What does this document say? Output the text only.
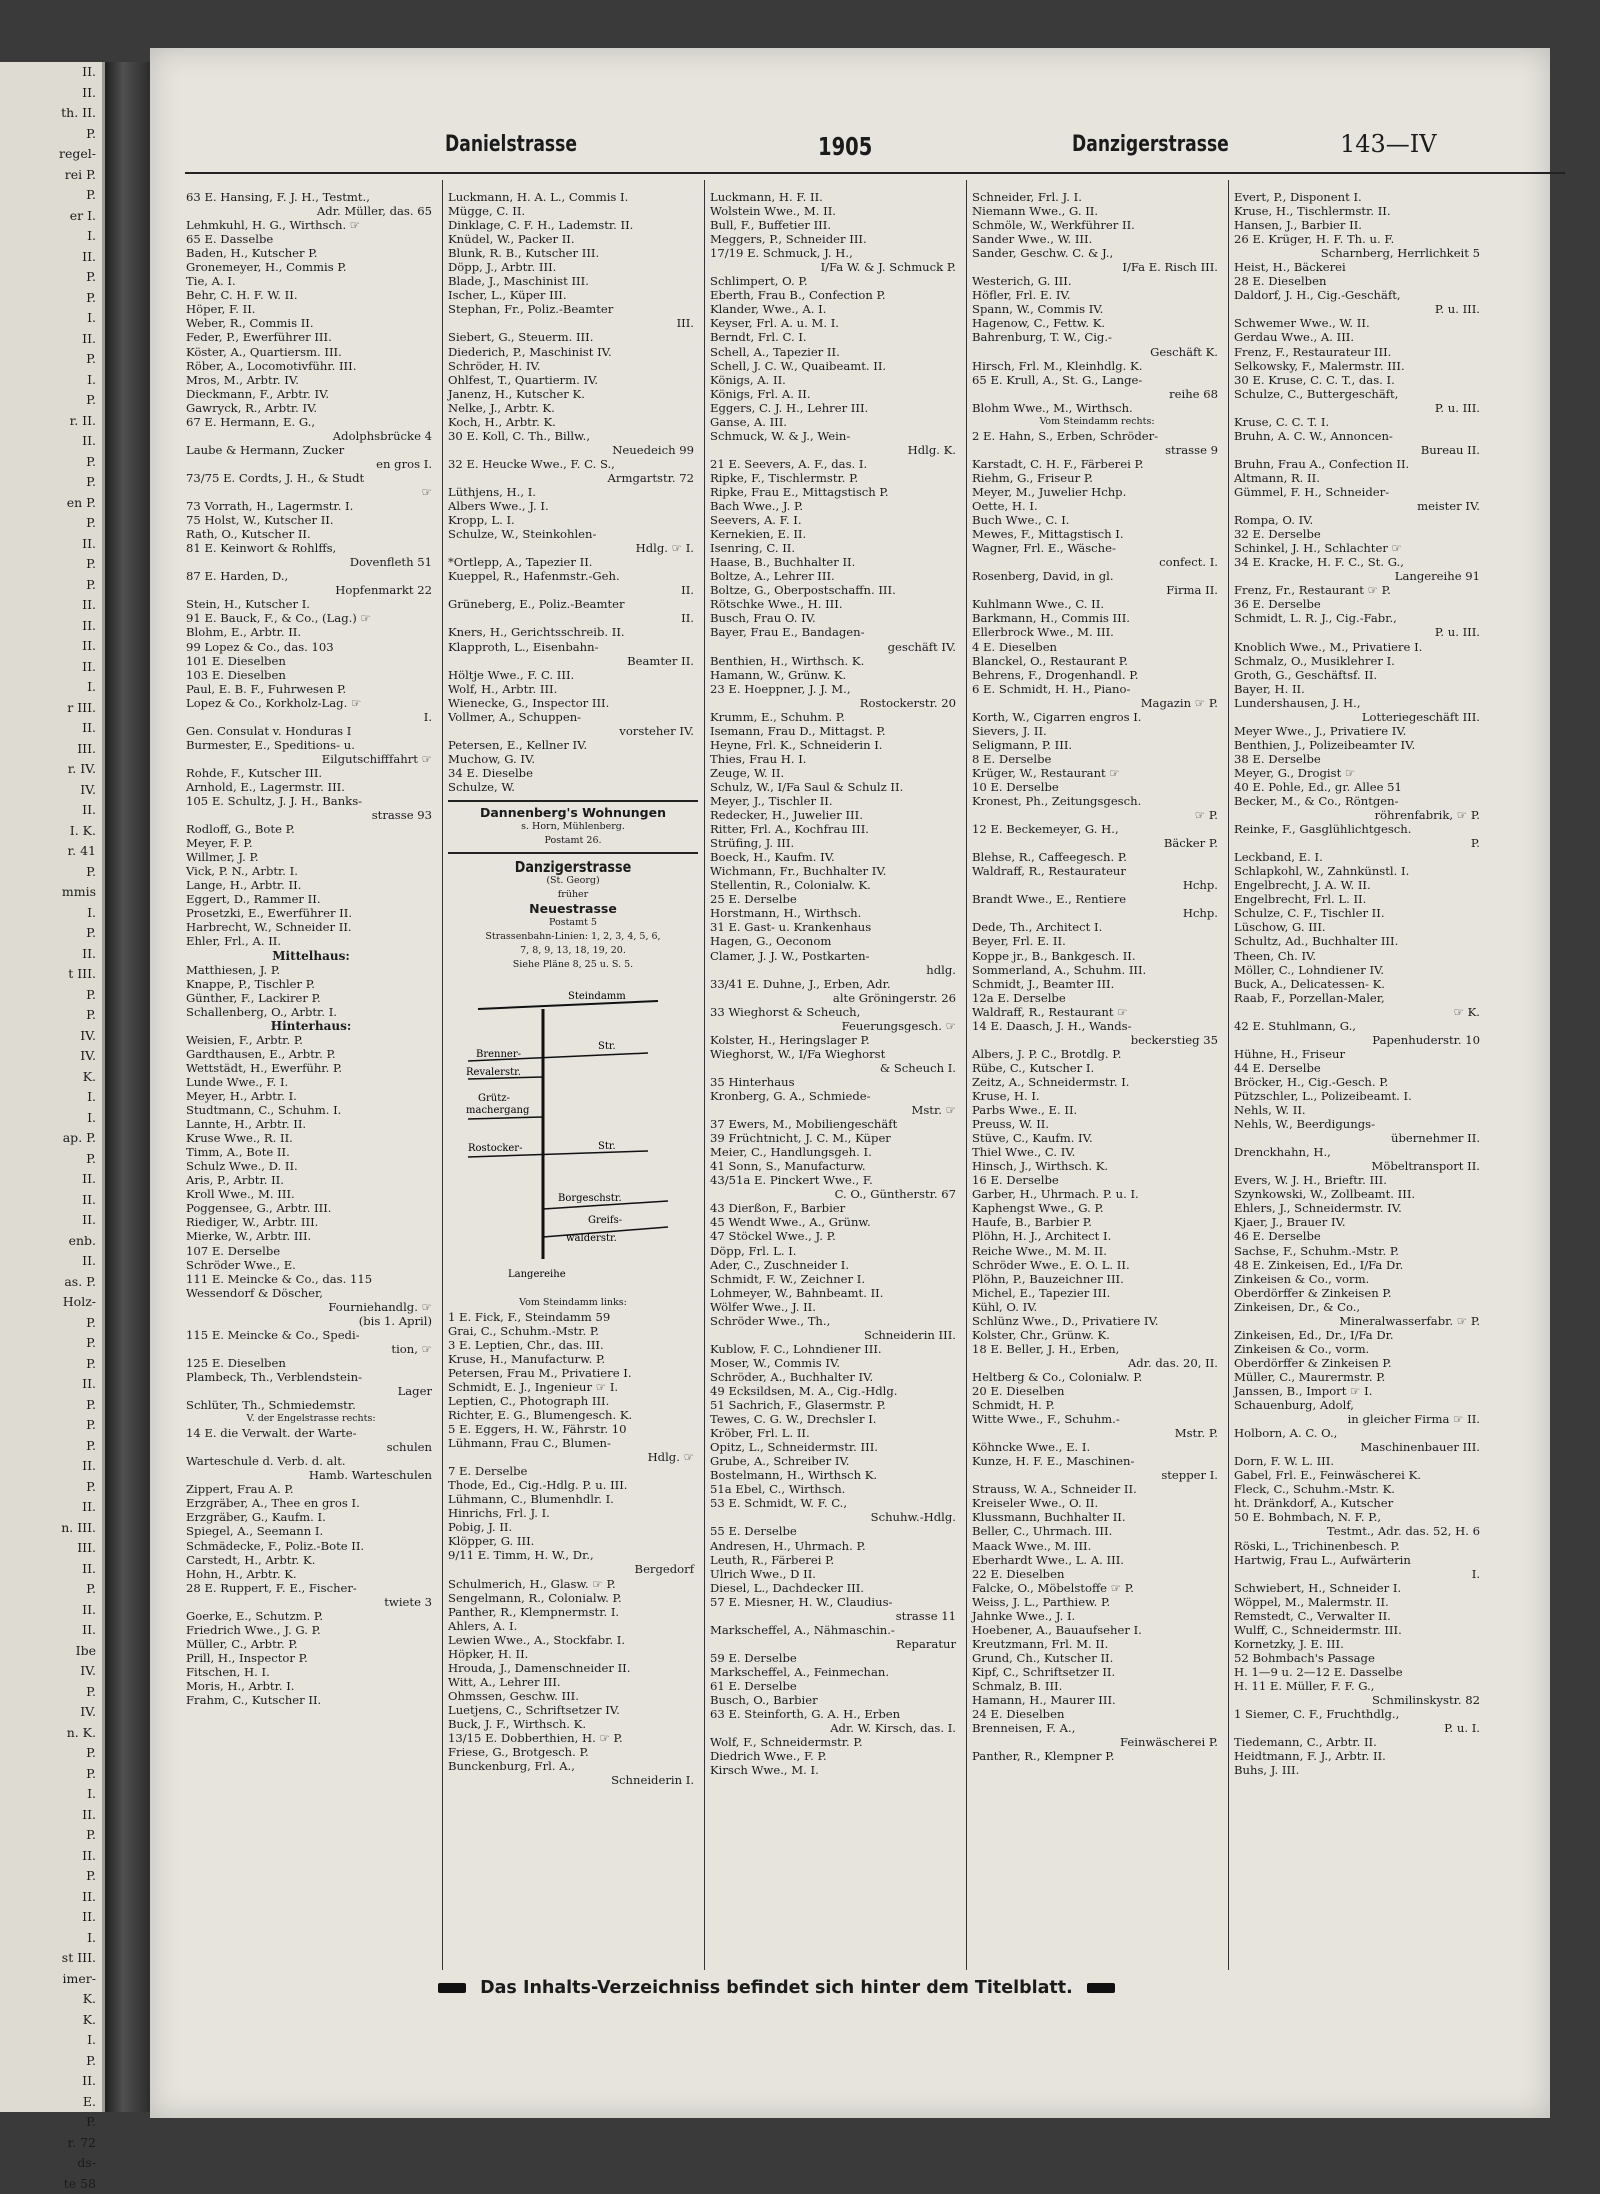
II.
II.
th. II.
P.
regel-
rei P.
P.
er I.
I.
II.
P.
P.
I.
II.
P.
I.
P.
r. II.
II.
P.
P.
en P.
P.
II.
P.
P.
II.
II.
II.
II.
I.
r III.
II.
III.
r. IV.
IV.
II.
I. K.
r. 41
P.
mmis
I.
P.
II.
t III.
P.
P.
IV.
IV.
K.
I.
I.
ap. P.
P.
II.
II.
II.
enb.
II.
as. P.
Holz-
P.
P.
P.
II.
P.
P.
P.
II.
P.
II.
n. III.
III.
II.
P.
II.
II.
Ibe
IV.
P.
IV.
n. K.
P.
P.
I.
II.
P.
II.
P.
II.
II.
I.
st III.
imer-
K.
K.
I.
P.
II.
E.
P.
r. 72
ds-
te 58
Danielstrasse	1905	Danzigerstrasse	143—IV
63 E. Hansing, F. J. H., Testmt.,
Adr. Müller, das. 65
Lehmkuhl, H. G., Wirthsch. ☞
65 E. Dasselbe
Baden, H., Kutscher P.
Gronemeyer, H., Commis P.
Tie, A. I.
Behr, C. H. F. W. II.
Höper, F. II.
Weber, R., Commis II.
Feder, P., Ewerführer III.
Köster, A., Quartiersm. III.
Röber, A., Locomotivführ. III.
Mros, M., Arbtr. IV.
Dieckmann, F., Arbtr. IV.
Gawryck, R., Arbtr. IV.
67 E. Hermann, E. G.,
Adolphsbrücke 4
Laube & Hermann, Zucker
en gros I.
73/75 E. Cordts, J. H., & Studt
☞
73 Vorrath, H., Lagermstr. I.
75 Holst, W., Kutscher II.
Rath, O., Kutscher II.
81 E. Keinwort & Rohlffs,
Dovenfleth 51
87 E. Harden, D.,
Hopfenmarkt 22
Stein, H., Kutscher I.
91 E. Bauck, F., & Co., (Lag.) ☞
Blohm, E., Arbtr. II.
99 Lopez & Co., das. 103
101 E. Dieselben
103 E. Dieselben
Paul, E. B. F., Fuhrwesen P.
Lopez & Co., Korkholz-Lag. ☞
I.
Gen. Consulat v. Honduras I
Burmester, E., Speditions- u.
Eilgutschifffahrt ☞
Rohde, F., Kutscher III.
Arnhold, E., Lagermstr. III.
105 E. Schultz, J. J. H., Banks-
strasse 93
Rodloff, G., Bote P.
Meyer, F. P.
Willmer, J. P.
Vick, P. N., Arbtr. I.
Lange, H., Arbtr. II.
Eggert, D., Rammer II.
Prosetzki, E., Ewerführer II.
Harbrecht, W., Schneider II.
Ehler, Frl., A. II.
Mittelhaus:
Matthiesen, J. P.
Knappe, P., Tischler P.
Günther, F., Lackirer P.
Schallenberg, O., Arbtr. I.
Hinterhaus:
Weisien, F., Arbtr. P.
Gardthausen, E., Arbtr. P.
Wettstädt, H., Ewerführ. P.
Lunde Wwe., F. I.
Meyer, H., Arbtr. I.
Studtmann, C., Schuhm. I.
Lannte, H., Arbtr. II.
Kruse Wwe., R. II.
Timm, A., Bote II.
Schulz Wwe., D. II.
Aris, P., Arbtr. II.
Kroll Wwe., M. III.
Poggensee, G., Arbtr. III.
Riediger, W., Arbtr. III.
Mierke, W., Arbtr. III.
107 E. Derselbe
Schröder Wwe., E.
111 E. Meincke & Co., das. 115
Wessendorf & Döscher,
Fourniehandlg. ☞
(bis 1. April)
115 E. Meincke & Co., Spedi-
tion, ☞
125 E. Dieselben
Plambeck, Th., Verblendstein-
Lager
Schlüter, Th., Schmiedemstr.
V. der Engelstrasse rechts:
14 E. die Verwalt. der Warte-
schulen
Warteschule d. Verb. d. alt.
Hamb. Warteschulen
Zippert, Frau A. P.
Erzgräber, A., Thee en gros I.
Erzgräber, G., Kaufm. I.
Spiegel, A., Seemann I.
Schmädecke, F., Poliz.-Bote II.
Carstedt, H., Arbtr. K.
Hohn, H., Arbtr. K.
28 E. Ruppert, F. E., Fischer-
twiete 3
Goerke, E., Schutzm. P.
Friedrich Wwe., J. G. P.
Müller, C., Arbtr. P.
Prill, H., Inspector P.
Fitschen, H. I.
Moris, H., Arbtr. I.
Frahm, C., Kutscher II.
Luckmann, H. A. L., Commis I.
Mügge, C. II.
Dinklage, C. F. H., Lademstr. II.
Knüdel, W., Packer II.
Blunk, R. B., Kutscher III.
Döpp, J., Arbtr. III.
Blade, J., Maschinist III.
Ischer, L., Küper III.
Stephan, Fr., Poliz.-Beamter
III.
Siebert, G., Steuerm. III.
Diederich, P., Maschinist IV.
Schröder, H. IV.
Ohlfest, T., Quartierm. IV.
Janenz, H., Kutscher K.
Nelke, J., Arbtr. K.
Koch, H., Arbtr. K.
30 E. Koll, C. Th., Billw.,
Neuedeich 99
32 E. Heucke Wwe., F. C. S.,
Armgartstr. 72
Lüthjens, H., I.
Albers Wwe., J. I.
Kropp, L. I.
Schulze, W., Steinkohlen-
Hdlg. ☞ I.
*Ortlepp, A., Tapezier II.
Kueppel, R., Hafenmstr.-Geh.
II.
Grüneberg, E., Poliz.-Beamter
II.
Kners, H., Gerichtsschreib. II.
Klapproth, L., Eisenbahn-
Beamter II.
Höltje Wwe., F. C. III.
Wolf, H., Arbtr. III.
Wienecke, G., Inspector III.
Vollmer, A., Schuppen-
vorsteher IV.
Petersen, E., Kellner IV.
Muchow, G. IV.
34 E. Dieselbe
Schulze, W.
Dannenberg's Wohnungen
s. Horn, Mühlenberg.
Postamt 26.
Danzigerstrasse
(St. Georg)
früher
Neuestrasse
Postamt 5
Strassenbahn-Linien: 1, 2, 3, 4, 5, 6,
7, 8, 9, 13, 18, 19, 20.
Siehe Pläne 8, 25 u. S. 5.
Steindamm
Brenner-
Str.
Revalerstr.
Grütz-
machergang
Rostocker-	Str.
Borgeschstr.
Greifs-
walderstr.
Langereihe
Vom Steindamm links:
1 E. Fick, F., Steindamm 59
Grai, C., Schuhm.-Mstr. P.
3 E. Leptien, Chr., das. III.
Kruse, H., Manufacturw. P.
Petersen, Frau M., Privatiere I.
Schmidt, E. J., Ingenieur ☞ I.
Leptien, C., Photograph III.
Richter, E. G., Blumengesch. K.
5 E. Eggers, H. W., Fährstr. 10
Lühmann, Frau C., Blumen-
Hdlg. ☞
7 E. Derselbe
Thode, Ed., Cig.-Hdlg. P. u. III.
Lühmann, C., Blumenhdlr. I.
Hinrichs, Frl. J. I.
Pobig, J. II.
Klöpper, G. III.
9/11 E. Timm, H. W., Dr.,
Bergedorf
Schulmerich, H., Glasw. ☞ P.
Sengelmann, R., Colonialw. P.
Panther, R., Klempnermstr. I.
Ahlers, A. I.
Lewien Wwe., A., Stockfabr. I.
Höpker, H. II.
Hrouda, J., Damenschneider II.
Witt, A., Lehrer III.
Ohmssen, Geschw. III.
Luetjens, C., Schriftsetzer IV.
Buck, J. F., Wirthsch. K.
13/15 E. Dobberthien, H. ☞ P.
Friese, G., Brotgesch. P.
Bunckenburg, Frl. A.,
Schneiderin I.
Luckmann, H. F. II.
Wolstein Wwe., M. II.
Bull, F., Buffetier III.
Meggers, P., Schneider III.
17/19 E. Schmuck, J. H.,
I/Fa W. & J. Schmuck P.
Schlimpert, O. P.
Eberth, Frau B., Confection P.
Klander, Wwe., A. I.
Keyser, Frl. A. u. M. I.
Berndt, Frl. C. I.
Schell, A., Tapezier II.
Schell, J. C. W., Quaibeamt. II.
Königs, A. II.
Königs, Frl. A. II.
Eggers, C. J. H., Lehrer III.
Ganse, A. III.
Schmuck, W. & J., Wein-
Hdlg. K.
21 E. Seevers, A. F., das. I.
Ripke, F., Tischlermstr. P.
Ripke, Frau E., Mittagstisch P.
Bach Wwe., J. P.
Seevers, A. F. I.
Kernekien, E. II.
Isenring, C. II.
Haase, B., Buchhalter II.
Boltze, A., Lehrer III.
Boltze, G., Oberpostschaffn. III.
Rötschke Wwe., H. III.
Busch, Frau O. IV.
Bayer, Frau E., Bandagen-
geschäft IV.
Benthien, H., Wirthsch. K.
Hamann, W., Grünw. K.
23 E. Hoeppner, J. J. M.,
Rostockerstr. 20
Krumm, E., Schuhm. P.
Isemann, Frau D., Mittagst. P.
Heyne, Frl. K., Schneiderin I.
Thies, Frau H. I.
Zeuge, W. II.
Schulz, W., I/Fa Saul & Schulz II.
Meyer, J., Tischler II.
Redecker, H., Juwelier III.
Ritter, Frl. A., Kochfrau III.
Strüfing, J. III.
Boeck, H., Kaufm. IV.
Wichmann, Fr., Buchhalter IV.
Stellentin, R., Colonialw. K.
25 E. Derselbe
Horstmann, H., Wirthsch.
31 E. Gast- u. Krankenhaus
Hagen, G., Oeconom
Clamer, J. J. W., Postkarten-
hdlg.
33/41 E. Duhne, J., Erben, Adr.
alte Gröningerstr. 26
33 Wieghorst & Scheuch,
Feuerungsgesch. ☞
Kolster, H., Heringslager P.
Wieghorst, W., I/Fa Wieghorst
& Scheuch I.
35 Hinterhaus
Kronberg, G. A., Schmiede-
Mstr. ☞
37 Ewers, M., Mobiliengeschäft
39 Früchtnicht, J. C. M., Küper
Meier, C., Handlungsgeh. I.
41 Sonn, S., Manufacturw.
43/51a E. Pinckert Wwe., F.
C. O., Güntherstr. 67
43 Dierßon, F., Barbier
45 Wendt Wwe., A., Grünw.
47 Stöckel Wwe., J. P.
Döpp, Frl. L. I.
Ader, C., Zuschneider I.
Schmidt, F. W., Zeichner I.
Lohmeyer, W., Bahnbeamt. II.
Wölfer Wwe., J. II.
Schröder Wwe., Th.,
Schneiderin III.
Kublow, F. C., Lohndiener III.
Moser, W., Commis IV.
Schröder, A., Buchhalter IV.
49 Ecksildsen, M. A., Cig.-Hdlg.
51 Sachrich, F., Glasermstr. P.
Tewes, C. G. W., Drechsler I.
Kröber, Frl. L. II.
Opitz, L., Schneidermstr. III.
Grube, A., Schreiber IV.
Bostelmann, H., Wirthsch K.
51a Ebel, C., Wirthsch.
53 E. Schmidt, W. F. C.,
Schuhw.-Hdlg.
55 E. Derselbe
Andresen, H., Uhrmach. P.
Leuth, R., Färberei P.
Ulrich Wwe., D II.
Diesel, L., Dachdecker III.
57 E. Miesner, H. W., Claudius-
strasse 11
Markscheffel, A., Nähmaschin.-
Reparatur
59 E. Derselbe
Markscheffel, A., Feinmechan.
61 E. Derselbe
Busch, O., Barbier
63 E. Steinforth, G. A. H., Erben
Adr. W. Kirsch, das. I.
Wolf, F., Schneidermstr. P.
Diedrich Wwe., F. P.
Kirsch Wwe., M. I.
Schneider, Frl. J. I.
Niemann Wwe., G. II.
Schmöle, W., Werkführer II.
Sander Wwe., W. III.
Sander, Geschw. C. & J.,
I/Fa E. Risch III.
Westerich, G. III.
Höfler, Frl. E. IV.
Spann, W., Commis IV.
Hagenow, C., Fettw. K.
Bahrenburg, T. W., Cig.-
Geschäft K.
Hirsch, Frl. M., Kleinhdlg. K.
65 E. Krull, A., St. G., Lange-
reihe 68
Blohm Wwe., M., Wirthsch.
Vom Steindamm rechts:
2 E. Hahn, S., Erben, Schröder-
strasse 9
Karstadt, C. H. F., Färberei P.
Riehm, G., Friseur P.
Meyer, M., Juwelier Hchp.
Oette, H. I.
Buch Wwe., C. I.
Mewes, F., Mittagstisch I.
Wagner, Frl. E., Wäsche-
confect. I.
Rosenberg, David, in gl.
Firma II.
Kuhlmann Wwe., C. II.
Barkmann, H., Commis III.
Ellerbrock Wwe., M. III.
4 E. Dieselben
Blanckel, O., Restaurant P.
Behrens, F., Drogenhandl. P.
6 E. Schmidt, H. H., Piano-
Magazin ☞ P.
Korth, W., Cigarren engros I.
Sievers, J. II.
Seligmann, P. III.
8 E. Derselbe
Krüger, W., Restaurant ☞
10 E. Derselbe
Kronest, Ph., Zeitungsgesch.
☞ P.
12 E. Beckemeyer, G. H.,
Bäcker P.
Blehse, R., Caffeegesch. P.
Waldraff, R., Restaurateur
Hchp.
Brandt Wwe., E., Rentiere
Hchp.
Dede, Th., Architect I.
Beyer, Frl. E. II.
Koppe jr., B., Bankgesch. II.
Sommerland, A., Schuhm. III.
Schmidt, J., Beamter III.
12a E. Derselbe
Waldraff, R., Restaurant ☞
14 E. Daasch, J. H., Wands-
beckerstieg 35
Albers, J. P. C., Brotdlg. P.
Rübe, C., Kutscher I.
Zeitz, A., Schneidermstr. I.
Kruse, H. I.
Parbs Wwe., E. II.
Preuss, W. II.
Stüve, C., Kaufm. IV.
Thiel Wwe., C. IV.
Hinsch, J., Wirthsch. K.
16 E. Derselbe
Garber, H., Uhrmach. P. u. I.
Kaphengst Wwe., G. P.
Haufe, B., Barbier P.
Plöhn, H. J., Architect I.
Reiche Wwe., M. M. II.
Schröder Wwe., E. O. L. II.
Plöhn, P., Bauzeichner III.
Michel, E., Tapezier III.
Kühl, O. IV.
Schlünz Wwe., D., Privatiere IV.
Kolster, Chr., Grünw. K.
18 E. Beller, J. H., Erben,
Adr. das. 20, II.
Heltberg & Co., Colonialw. P.
20 E. Dieselben
Schmidt, H. P.
Witte Wwe., F., Schuhm.-
Mstr. P.
Köhncke Wwe., E. I.
Kunze, H. F. E., Maschinen-
stepper I.
Strauss, W. A., Schneider II.
Kreiseler Wwe., O. II.
Klussmann, Buchhalter II.
Beller, C., Uhrmach. III.
Maack Wwe., M. III.
Eberhardt Wwe., L. A. III.
22 E. Dieselben
Falcke, O., Möbelstoffe ☞ P.
Weiss, J. L., Parthiew. P.
Jahnke Wwe., J. I.
Hoebener, A., Bauaufseher I.
Kreutzmann, Frl. M. II.
Grund, Ch., Kutscher II.
Kipf, C., Schriftsetzer II.
Schmalz, B. III.
Hamann, H., Maurer III.
24 E. Dieselben
Brenneisen, F. A.,
Feinwäscherei P.
Panther, R., Klempner P.
Evert, P., Disponent I.
Kruse, H., Tischlermstr. II.
Hansen, J., Barbier II.
26 E. Krüger, H. F. Th. u. F.
Scharnberg, Herrlichkeit 5
Heist, H., Bäckerei
28 E. Dieselben
Daldorf, J. H., Cig.-Geschäft,
P. u. III.
Schwemer Wwe., W. II.
Gerdau Wwe., A. III.
Frenz, F., Restaurateur III.
Selkowsky, F., Malermstr. III.
30 E. Kruse, C. C. T., das. I.
Schulze, C., Buttergeschäft,
P. u. III.
Kruse, C. C. T. I.
Bruhn, A. C. W., Annoncen-
Bureau II.
Bruhn, Frau A., Confection II.
Altmann, R. II.
Gümmel, F. H., Schneider-
meister IV.
Rompa, O. IV.
32 E. Derselbe
Schinkel, J. H., Schlachter ☞
34 E. Kracke, H. F. C., St. G.,
Langereihe 91
Frenz, Fr., Restaurant ☞ P.
36 E. Derselbe
Schmidt, L. R. J., Cig.-Fabr.,
P. u. III.
Knoblich Wwe., M., Privatiere I.
Schmalz, O., Musiklehrer I.
Groth, G., Geschäftsf. II.
Bayer, H. II.
Lundershausen, J. H.,
Lotteriegeschäft III.
Meyer Wwe., J., Privatiere IV.
Benthien, J., Polizeibeamter IV.
38 E. Derselbe
Meyer, G., Drogist ☞
40 E. Pohle, Ed., gr. Allee 51
Becker, M., & Co., Röntgen-
röhrenfabrik, ☞ P.
Reinke, F., Gasglühlichtgesch.
P.
Leckband, E. I.
Schlapkohl, W., Zahnkünstl. I.
Engelbrecht, J. A. W. II.
Engelbrecht, Frl. L. II.
Schulze, C. F., Tischler II.
Lüschow, G. III.
Schultz, Ad., Buchhalter III.
Theen, Ch. IV.
Möller, C., Lohndiener IV.
Buck, A., Delicatessen- K.
Raab, F., Porzellan-Maler,
☞ K.
42 E. Stuhlmann, G.,
Papenhuderstr. 10
Hühne, H., Friseur
44 E. Derselbe
Bröcker, H., Cig.-Gesch. P.
Pützschler, L., Polizeibeamt. I.
Nehls, W. II.
Nehls, W., Beerdigungs-
übernehmer II.
Drenckhahn, H.,
Möbeltransport II.
Evers, W. J. H., Brieftr. III.
Szynkowski, W., Zollbeamt. III.
Ehlers, J., Schneidermstr. IV.
Kjaer, J., Brauer IV.
46 E. Derselbe
Sachse, F., Schuhm.-Mstr. P.
48 E. Zinkeisen, Ed., I/Fa Dr.
Zinkeisen & Co., vorm.
Oberdörffer & Zinkeisen P.
Zinkeisen, Dr., & Co.,
Mineralwasserfabr. ☞ P.
Zinkeisen, Ed., Dr., I/Fa Dr.
Zinkeisen & Co., vorm.
Oberdörffer & Zinkeisen P.
Müller, C., Maurermstr. P.
Janssen, B., Import ☞ I.
Schauenburg, Adolf,
in gleicher Firma ☞ II.
Holborn, A. C. O.,
Maschinenbauer III.
Dorn, F. W. L. III.
Gabel, Frl. E., Feinwäscherei K.
Fleck, C., Schuhm.-Mstr. K.
ht. Dränkdorf, A., Kutscher
50 E. Bohmbach, N. F. P.,
Testmt., Adr. das. 52, H. 6
Röski, L., Trichinenbesch. P.
Hartwig, Frau L., Aufwärterin
I.
Schwiebert, H., Schneider I.
Wöppel, M., Malermstr. II.
Remstedt, C., Verwalter II.
Wulff, C., Schneidermstr. III.
Kornetzky, J. E. III.
52 Bohmbach's Passage
H. 1—9 u. 2—12 E. Dasselbe
H. 11 E. Müller, F. F. G.,
Schmilinskystr. 82
1 Siemer, C. F., Fruchthdlg.,
P. u. I.
Tiedemann, C., Arbtr. II.
Heidtmann, F. J., Arbtr. II.
Buhs, J. III.
Das Inhalts-Verzeichniss befindet sich hinter dem Titelblatt.
